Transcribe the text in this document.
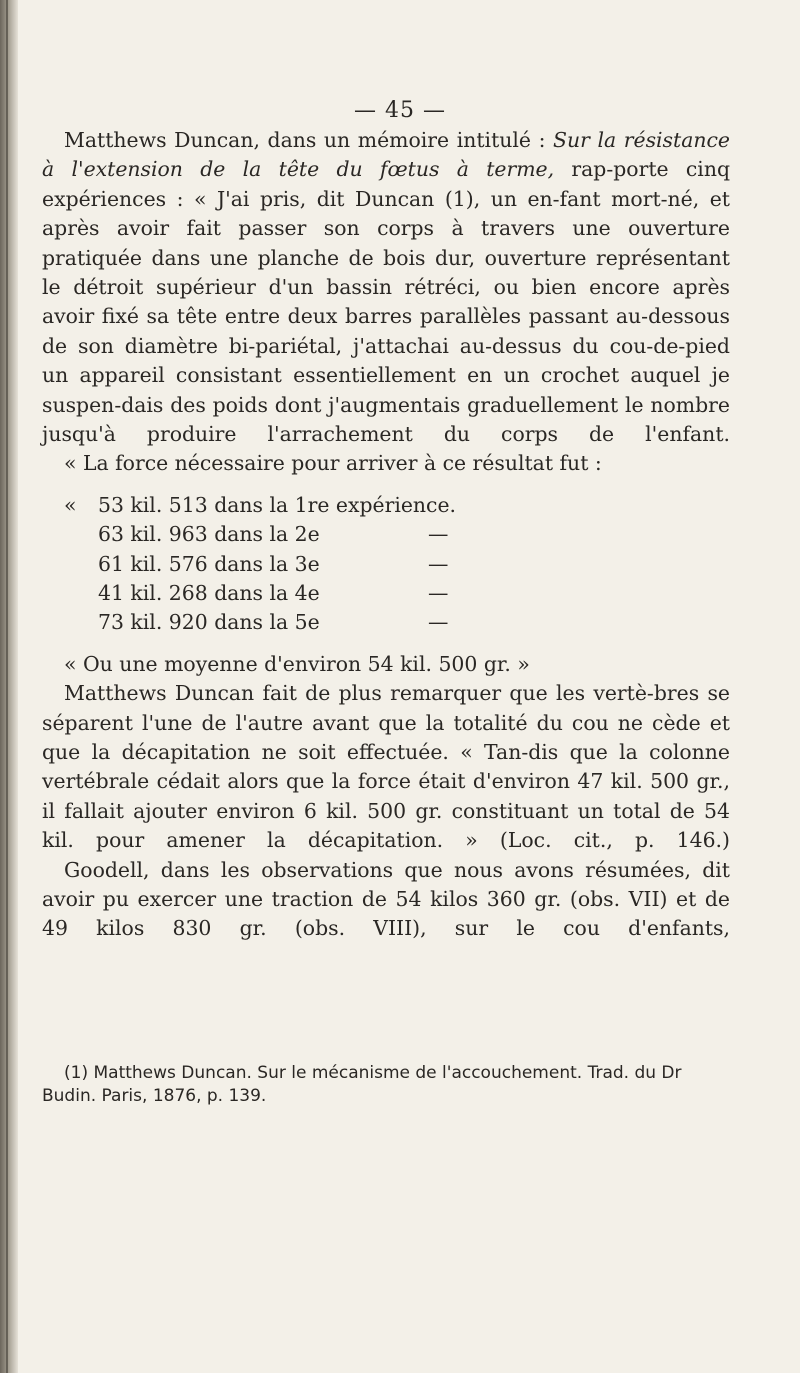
— 45 —

Matthews Duncan, dans un mémoire intitulé : Sur la résistance à l'extension de la tête du fœtus à terme, rap-porte cinq expériences : « J'ai pris, dit Duncan (1), un en-fant mort-né, et après avoir fait passer son corps à travers une ouverture pratiquée dans une planche de bois dur, ouverture représentant le détroit supérieur d'un bassin rétréci, ou bien encore après avoir fixé sa tête entre deux barres parallèles passant au-dessous de son diamètre bi-pariétal, j'attachai au-dessus du cou-de-pied un appareil consistant essentiellement en un crochet auquel je suspen-dais des poids dont j'augmentais graduellement le nombre jusqu'à produire l'arrachement du corps de l'enfant.

« La force nécessaire pour arriver à ce résultat fut :

«	53 kil. 513 dans la 1re expérience.
63 kil. 963 dans la 2e	—
61 kil. 576 dans la 3e	—
41 kil. 268 dans la 4e	—
73 kil. 920 dans la 5e	—

« Ou une moyenne d'environ 54 kil. 500 gr. »

Matthews Duncan fait de plus remarquer que les vertè-bres se séparent l'une de l'autre avant que la totalité du cou ne cède et que la décapitation ne soit effectuée. « Tan-dis que la colonne vertébrale cédait alors que la force était d'environ 47 kil. 500 gr., il fallait ajouter environ 6 kil. 500 gr. constituant un total de 54 kil. pour amener la décapitation. » (Loc. cit., p. 146.)

Goodell, dans les observations que nous avons résumées, dit avoir pu exercer une traction de 54 kilos 360 gr. (obs. VII) et de 49 kilos 830 gr. (obs. VIII), sur le cou d'enfants,

(1) Matthews Duncan. Sur le mécanisme de l'accouchement. Trad. du Dr Budin. Paris, 1876, p. 139.
